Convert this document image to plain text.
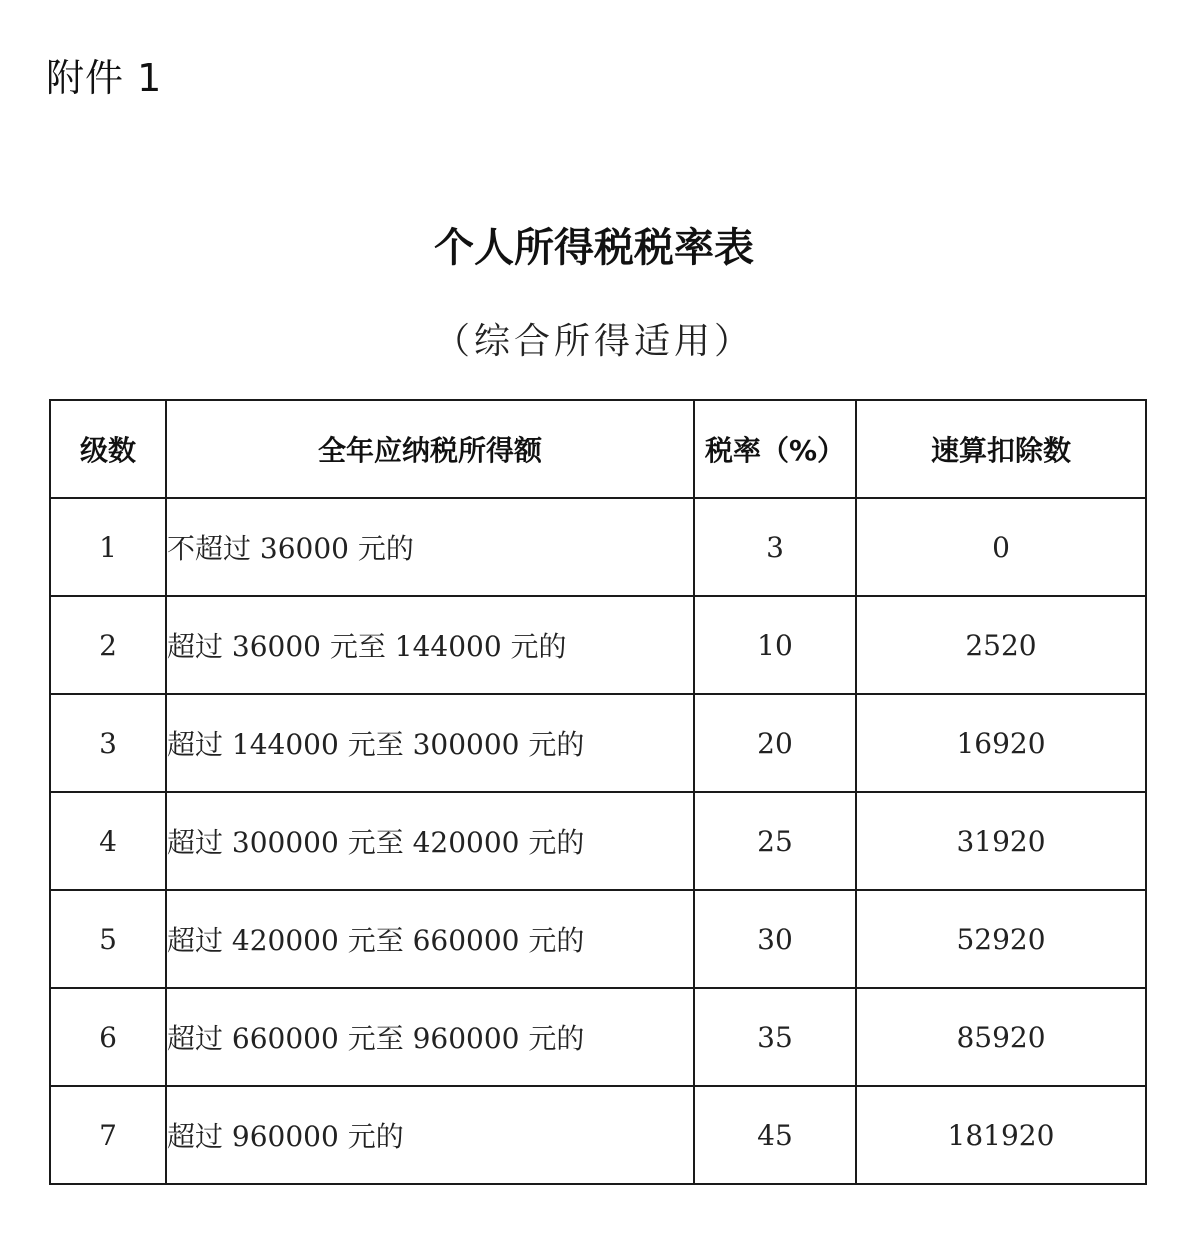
附件 1
个人所得税税率表
（综合所得适用）
级数	全年应纳税所得额	税率（%）	速算扣除数
1	不超过 36000 元的	3	0
2	超过 36000 元至 144000 元的	10	2520
3	超过 144000 元至 300000 元的	20	16920
4	超过 300000 元至 420000 元的	25	31920
5	超过 420000 元至 660000 元的	30	52920
6	超过 660000 元至 960000 元的	35	85920
7	超过 960000 元的	45	181920
